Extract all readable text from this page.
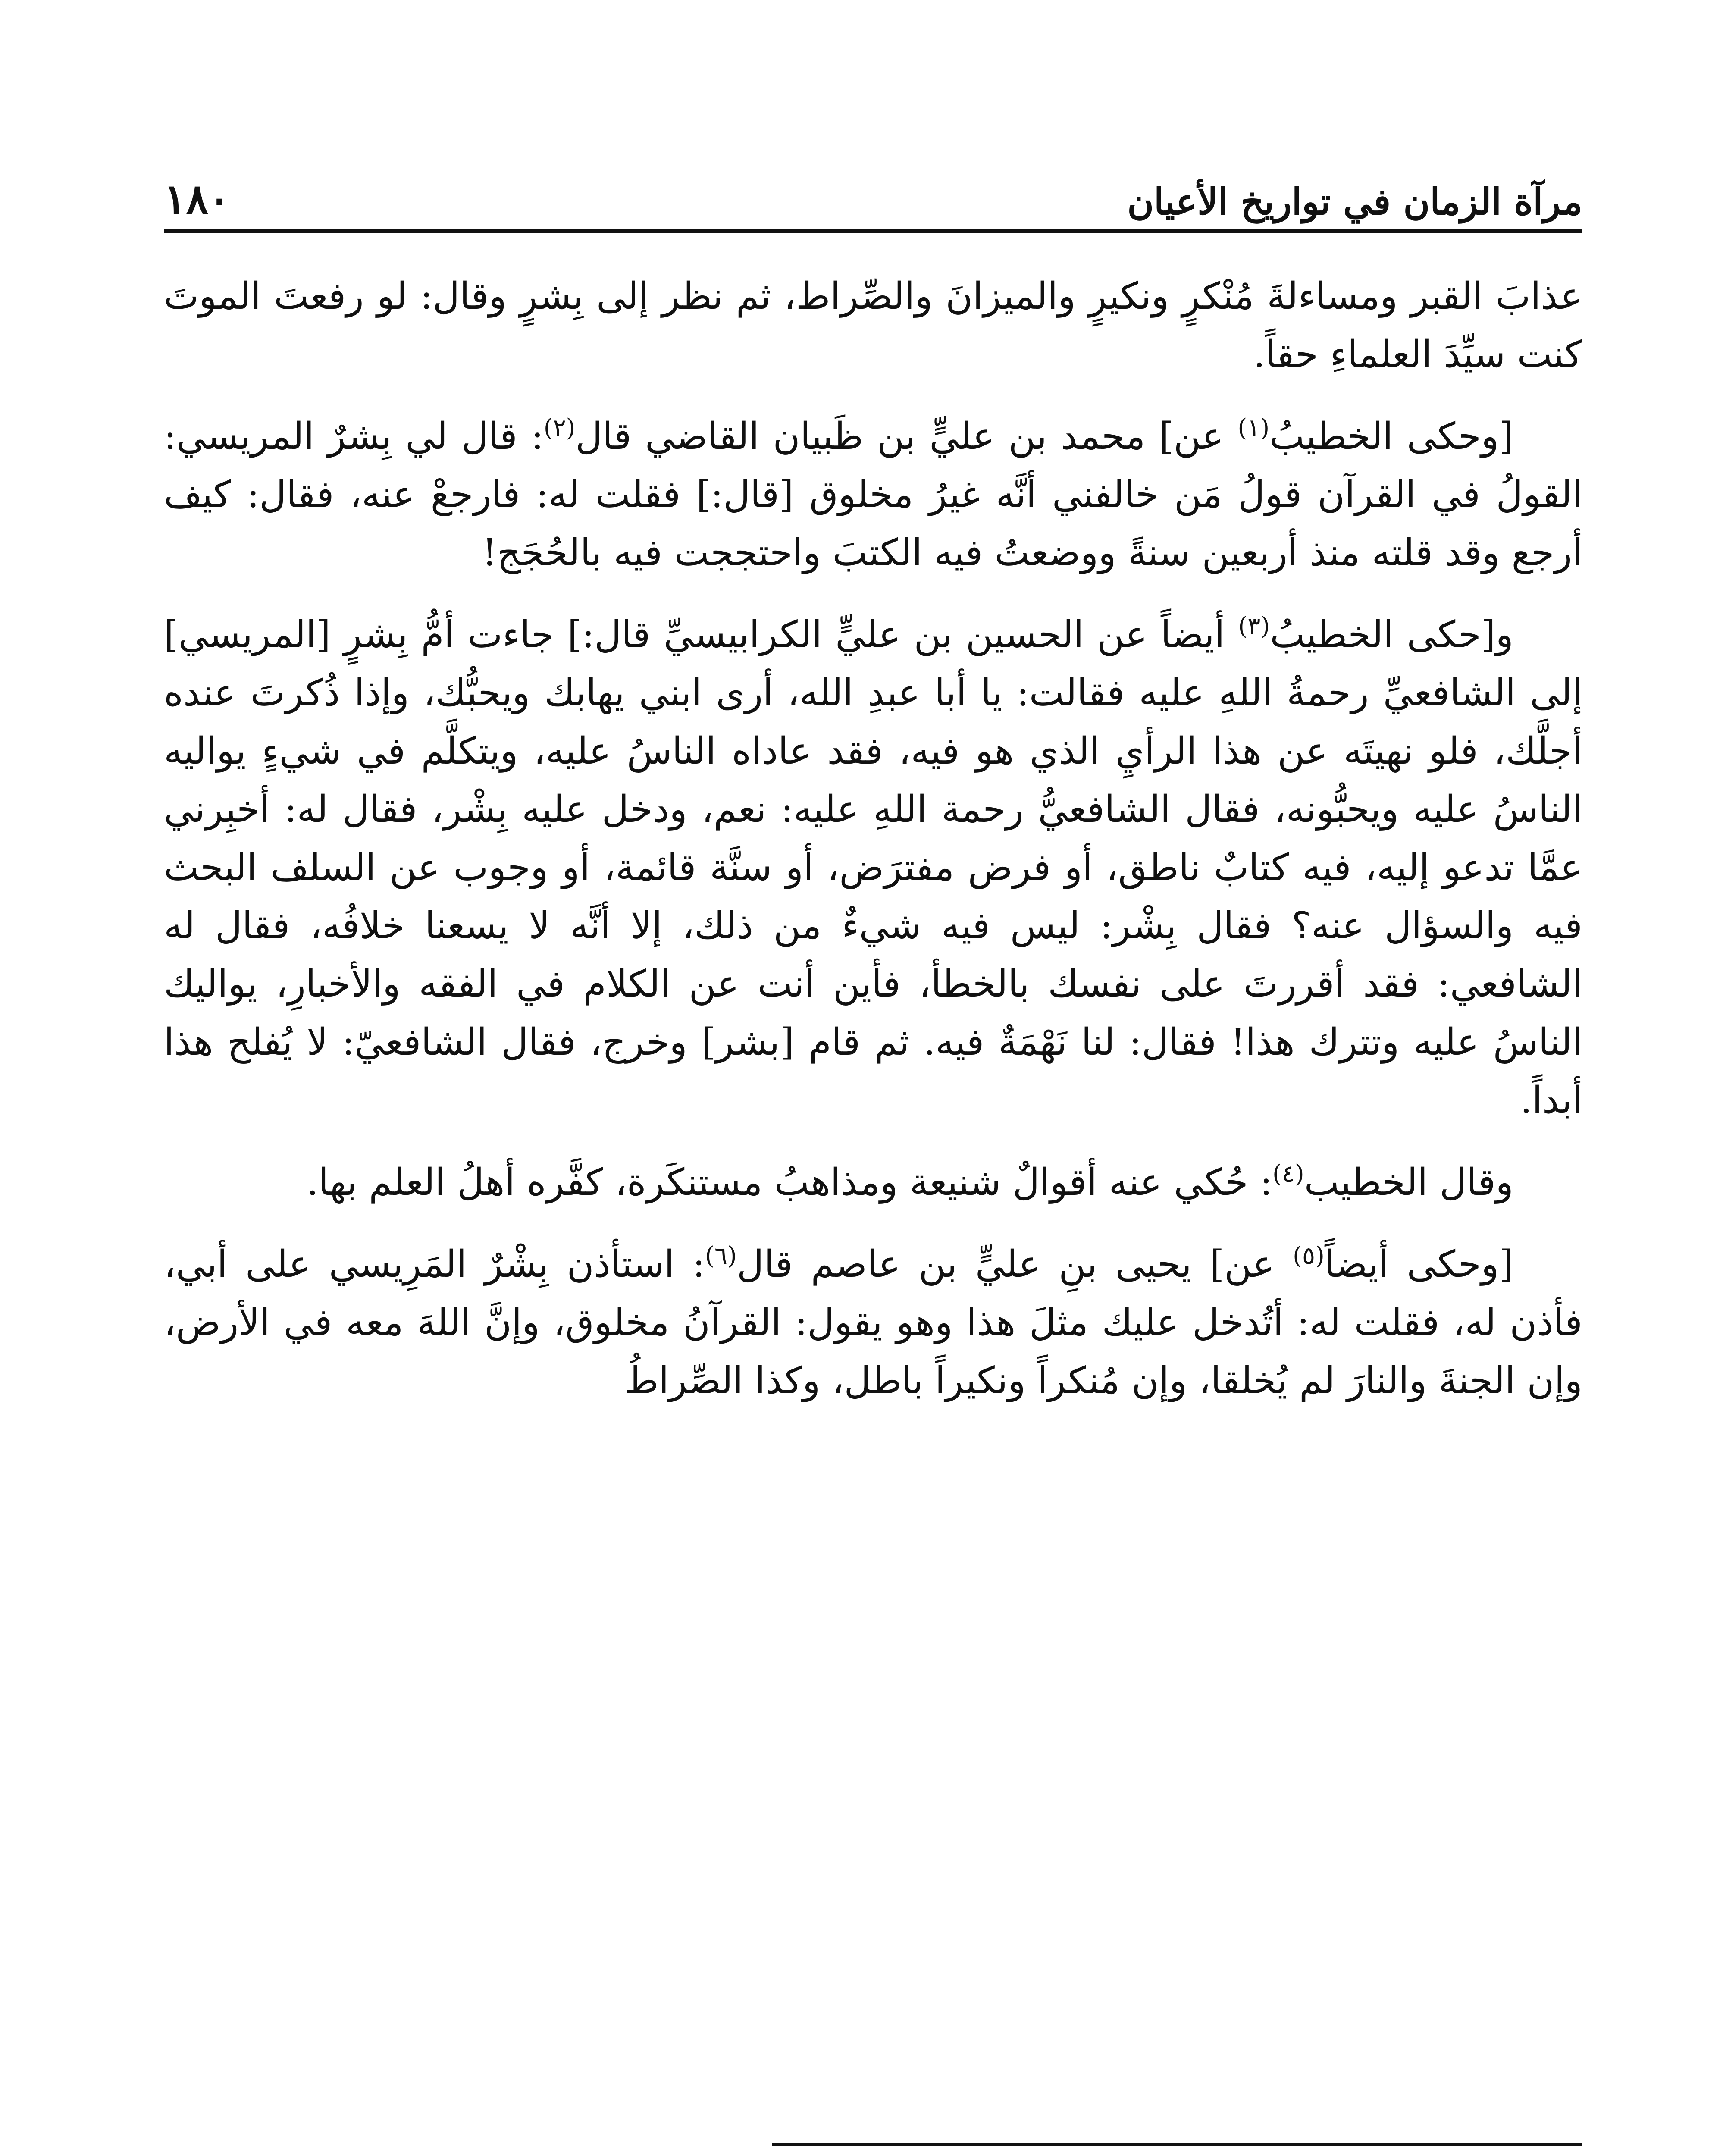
مرآة الزمان في تواريخ الأعيان
١٨٠

عذابَ القبر ومساءلةَ مُنْكرٍ ونكيرٍ والميزانَ والصِّراط، ثم نظر إلى بِشرٍ وقال: لو رفعتَ الموتَ كنت سيِّدَ العلماءِ حقاً.

[وحكى الخطيبُ$^{(١)}$ عن] محمد بن عليٍّ بن ظَبيان القاضي قال$^{(٢)}$: قال لي بِشرٌ المريسي: القولُ في القرآن قولُ مَن خالفني أنَّه غيرُ مخلوق [قال:] فقلت له: فارجعْ عنه، فقال: كيف أرجع وقد قلته منذ أربعين سنةً ووضعتُ فيه الكتبَ واحتججت فيه بالحُجَج!

و[حكى الخطيبُ$^{(٣)}$ أيضاً عن الحسين بن عليٍّ الكرابيسيِّ قال:] جاءت أمُّ بِشرٍ [المريسي] إلى الشافعيِّ رحمةُ اللهِ عليه فقالت: يا أبا عبدِ الله، أرى ابني يهابك ويحبُّك، وإذا ذُكرتَ عنده أجلَّك، فلو نهيتَه عن هذا الرأيِ الذي هو فيه، فقد عاداه الناسُ عليه، ويتكلَّم في شيءٍ يواليه الناسُ عليه ويحبُّونه، فقال الشافعيُّ رحمة اللهِ عليه: نعم، ودخل عليه بِشْر، فقال له: أخبِرني عمَّا تدعو إليه، فيه كتابٌ ناطق، أو فرض مفترَض، أو سنَّة قائمة، أو وجوب عن السلف البحث فيه والسؤال عنه؟ فقال بِشْر: ليس فيه شيءٌ من ذلك، إلا أنَّه لا يسعنا خلافُه، فقال له الشافعي: فقد أقررتَ على نفسك بالخطأ، فأين أنت عن الكلام في الفقه والأخبارِ، يواليك الناسُ عليه وتترك هذا! فقال: لنا نَهْمَةٌ فيه. ثم قام [بشر] وخرج، فقال الشافعيّ: لا يُفلح هذا أبداً.

وقال الخطيب$^{(٤)}$: حُكي عنه أقوالٌ شنيعة ومذاهبُ مستنكَرة، كفَّره أهلُ العلم بها.

[وحكى أيضاً$^{(٥)}$ عن] يحيى بنِ عليٍّ بن عاصم قال$^{(٦)}$: استأذن بِشْرٌ المَرِيسي على أبي، فأذن له، فقلت له: أتُدخل عليك مثلَ هذا وهو يقول: القرآنُ مخلوق، وإنَّ اللهَ معه في الأرض، وإن الجنةَ والنارَ لم يُخلقا، وإن مُنكراً ونكيراً باطل، وكذا الصِّراطُ
